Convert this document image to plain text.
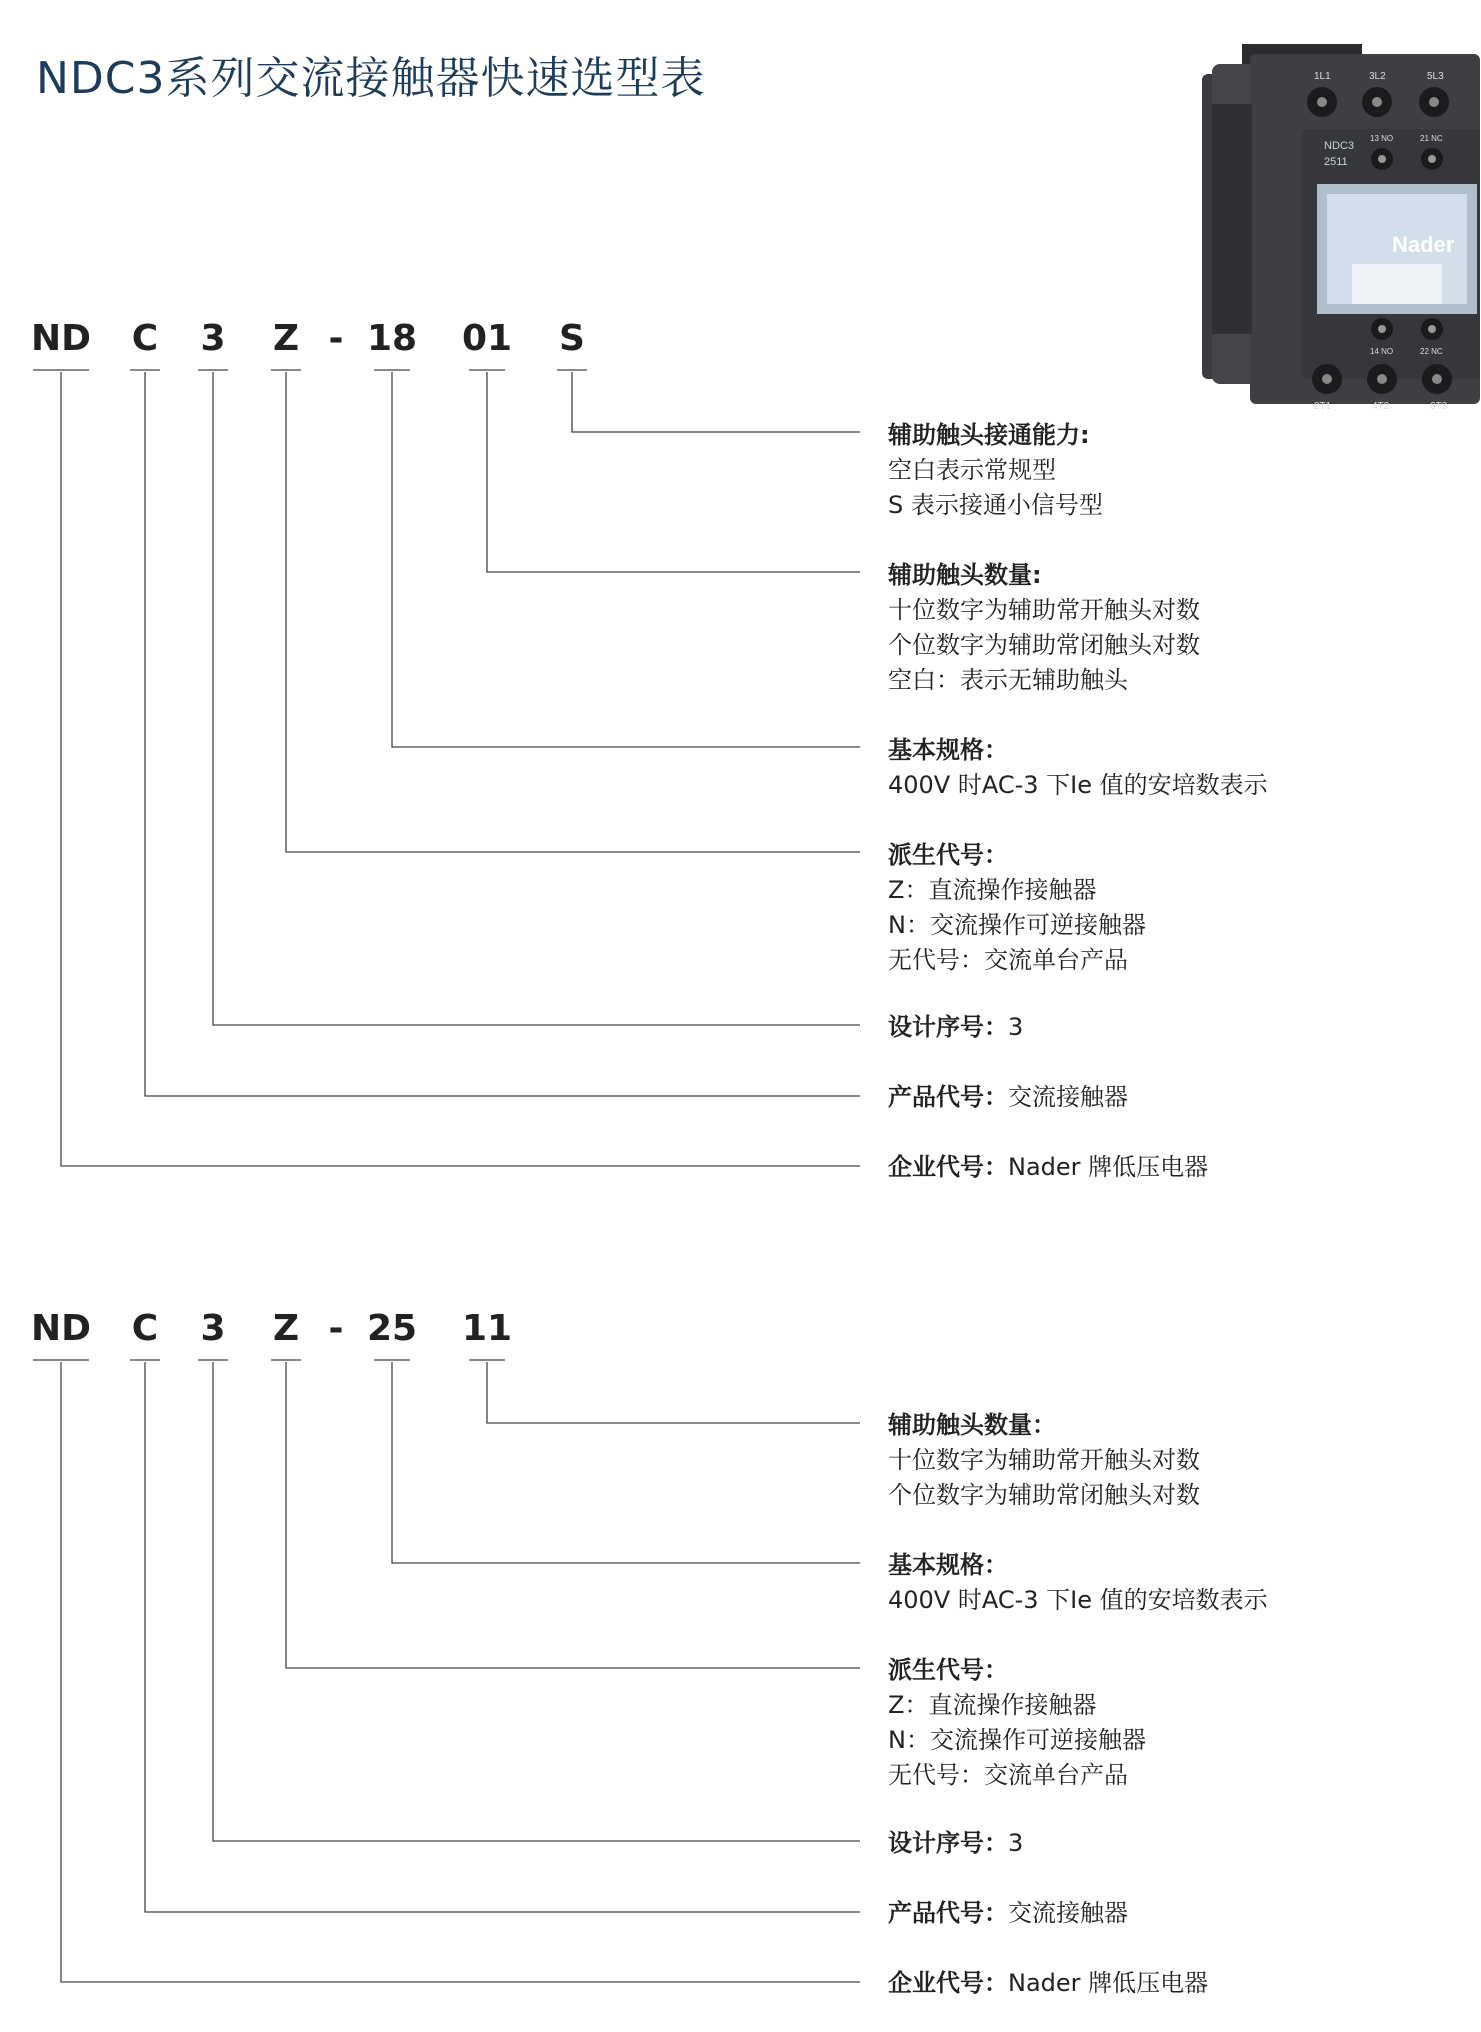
NDC3系列交流接触器快速选型表
Nader
NDC3
2511
1L1	3L2	5L3
13 NO	21 NC
14 NO	22 NC
2T1	4T2	6T3
ND C 3 Z - 18 01 S
辅助触头接通能力:
空白表示常规型
S 表示接通小信号型
辅助触头数量:
十位数字为辅助常开触头对数
个位数字为辅助常闭触头对数
空白：表示无辅助触头
基本规格：
400V 时AC-3 下Ie 值的安培数表示
派生代号：
Z：直流操作接触器
N：交流操作可逆接触器
无代号：交流单台产品
设计序号：3
产品代号：交流接触器
企业代号：Nader 牌低压电器
ND C 3 Z - 25 11
辅助触头数量：
十位数字为辅助常开触头对数
个位数字为辅助常闭触头对数
基本规格：
400V 时AC-3 下Ie 值的安培数表示
派生代号：
Z：直流操作接触器
N：交流操作可逆接触器
无代号：交流单台产品
设计序号：3
产品代号：交流接触器
企业代号：Nader 牌低压电器
